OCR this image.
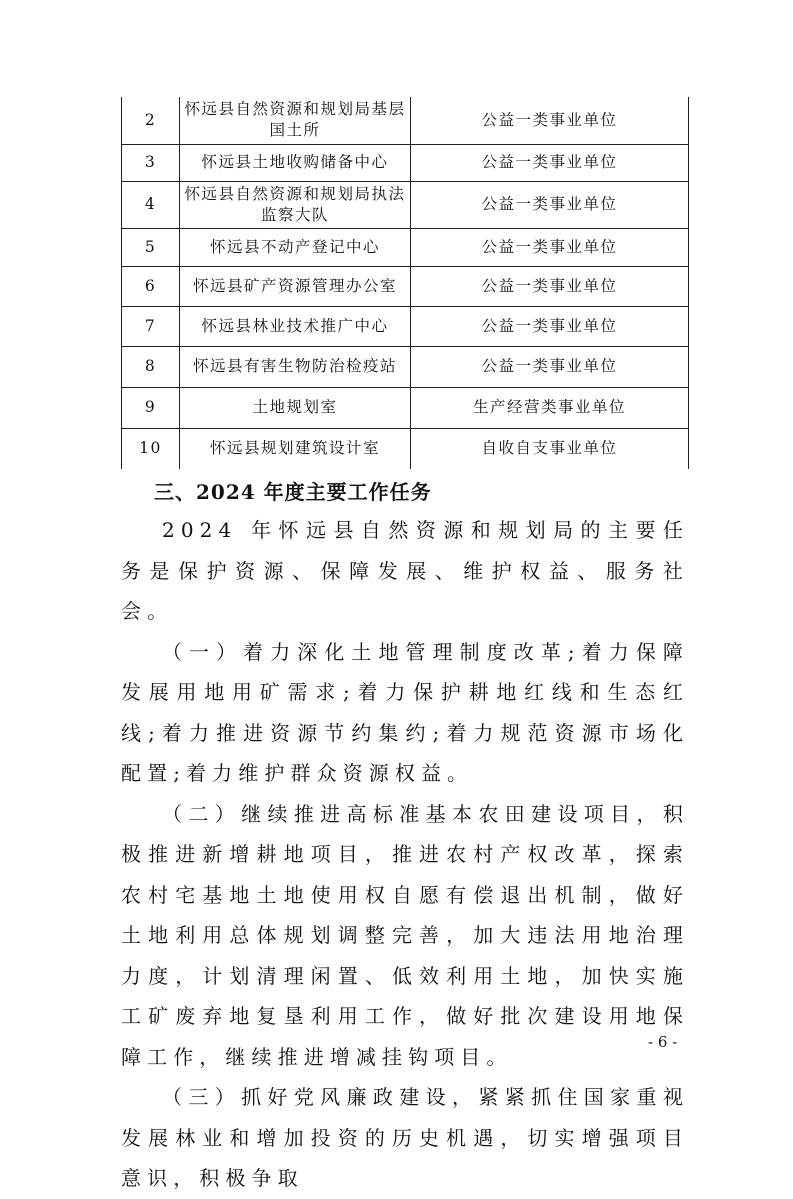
2	怀远县自然资源和规划局基层国土所	公益一类事业单位
3	怀远县土地收购储备中心	公益一类事业单位
4	怀远县自然资源和规划局执法监察大队	公益一类事业单位
5	怀远县不动产登记中心	公益一类事业单位
6	怀远县矿产资源管理办公室	公益一类事业单位
7	怀远县林业技术推广中心	公益一类事业单位
8	怀远县有害生物防治检疫站	公益一类事业单位
9	土地规划室	生产经营类事业单位
10	怀远县规划建筑设计室	自收自支事业单位
三、2024 年度主要工作任务

2024 年怀远县自然资源和规划局的主要任务是保护资源、保障发展、维护权益、服务社会。

（一）着力深化土地管理制度改革;着力保障发展用地用矿需求;着力保护耕地红线和生态红线;着力推进资源节约集约;着力规范资源市场化配置;着力维护群众资源权益。

（二）继续推进高标准基本农田建设项目，积极推进新增耕地项目，推进农村产权改革，探索农村宅基地土地使用权自愿有偿退出机制，做好土地利用总体规划调整完善，加大违法用地治理力度，计划清理闲置、低效利用土地，加快实施工矿废弃地复垦利用工作，做好批次建设用地保障工作，继续推进增减挂钩项目。

（三）抓好党风廉政建设，紧紧抓住国家重视发展林业和增加投资的历史机遇，切实增强项目意识，积极争取

- 6 -
